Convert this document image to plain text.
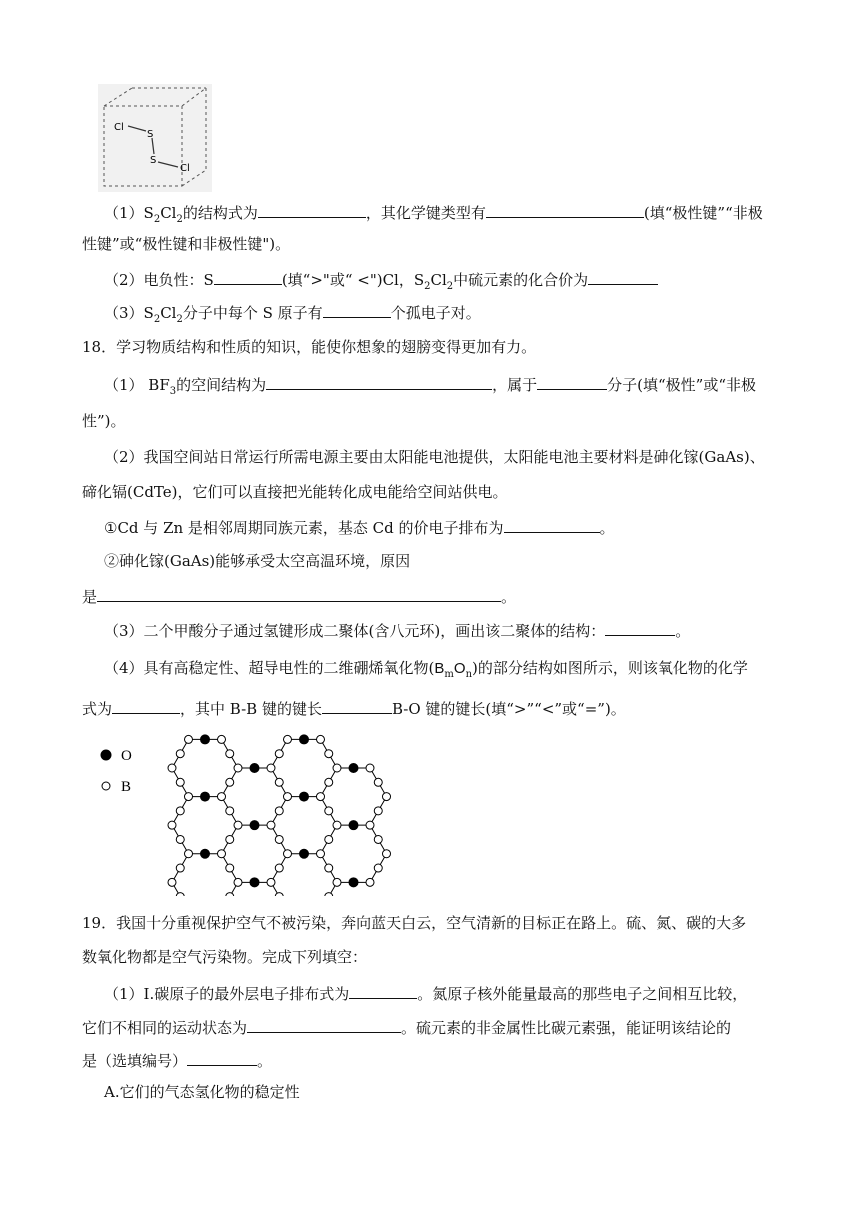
Cl
S
S
Cl
$(1)S_2Cl_2$的结构式为	，其化学键类型有	(填“极性键”“非极
性键”或“极性键和非极性键")。
（2）电负性：S	(填“>"或“ <")Cl，$S_2Cl_2$中硫元素的化合价为
$(3)S_2Cl_2$分子中每个 S 原子有	个孤电子对。
18．学习物质结构和性质的知识，能使你想象的翅膀变得更加有力。
（1） $BF_3$的空间结构为	，属于	分子(填“极性”或“非极
性”)。
（2）我国空间站日常运行所需电源主要由太阳能电池提供，太阳能电池主要材料是砷化镓(GaAs)、
碲化镉(CdTe)，它们可以直接把光能转化成电能给空间站供电。
①Cd 与 Zn 是相邻周期同族元素，基态 Cd 的价电子排布为	。
②砷化镓(GaAs)能够承受太空高温环境，原因
是	。
（3）二个甲酸分子通过氢键形成二聚体(含八元环)，画出该二聚体的结构：	。
（4）具有高稳定性、超导电性的二维硼烯氧化物$(B_mO_n)$的部分结构如图所示，则该氧化物的化学
式为	，其中 B-B 键的键长	B-O 键的键长(填“>”“<”或“=”)。
O
B
19．我国十分重视保护空气不被污染，奔向蓝天白云，空气清新的目标正在路上。硫、氮、碳的大多
数氧化物都是空气污染物。完成下列填空：
（1）I.碳原子的最外层电子排布式为	。氮原子核外能量最高的那些电子之间相互比较，
它们不相同的运动状态为	。硫元素的非金属性比碳元素强，能证明该结论的
是（选填编号）	。
A.它们的气态氢化物的稳定性
